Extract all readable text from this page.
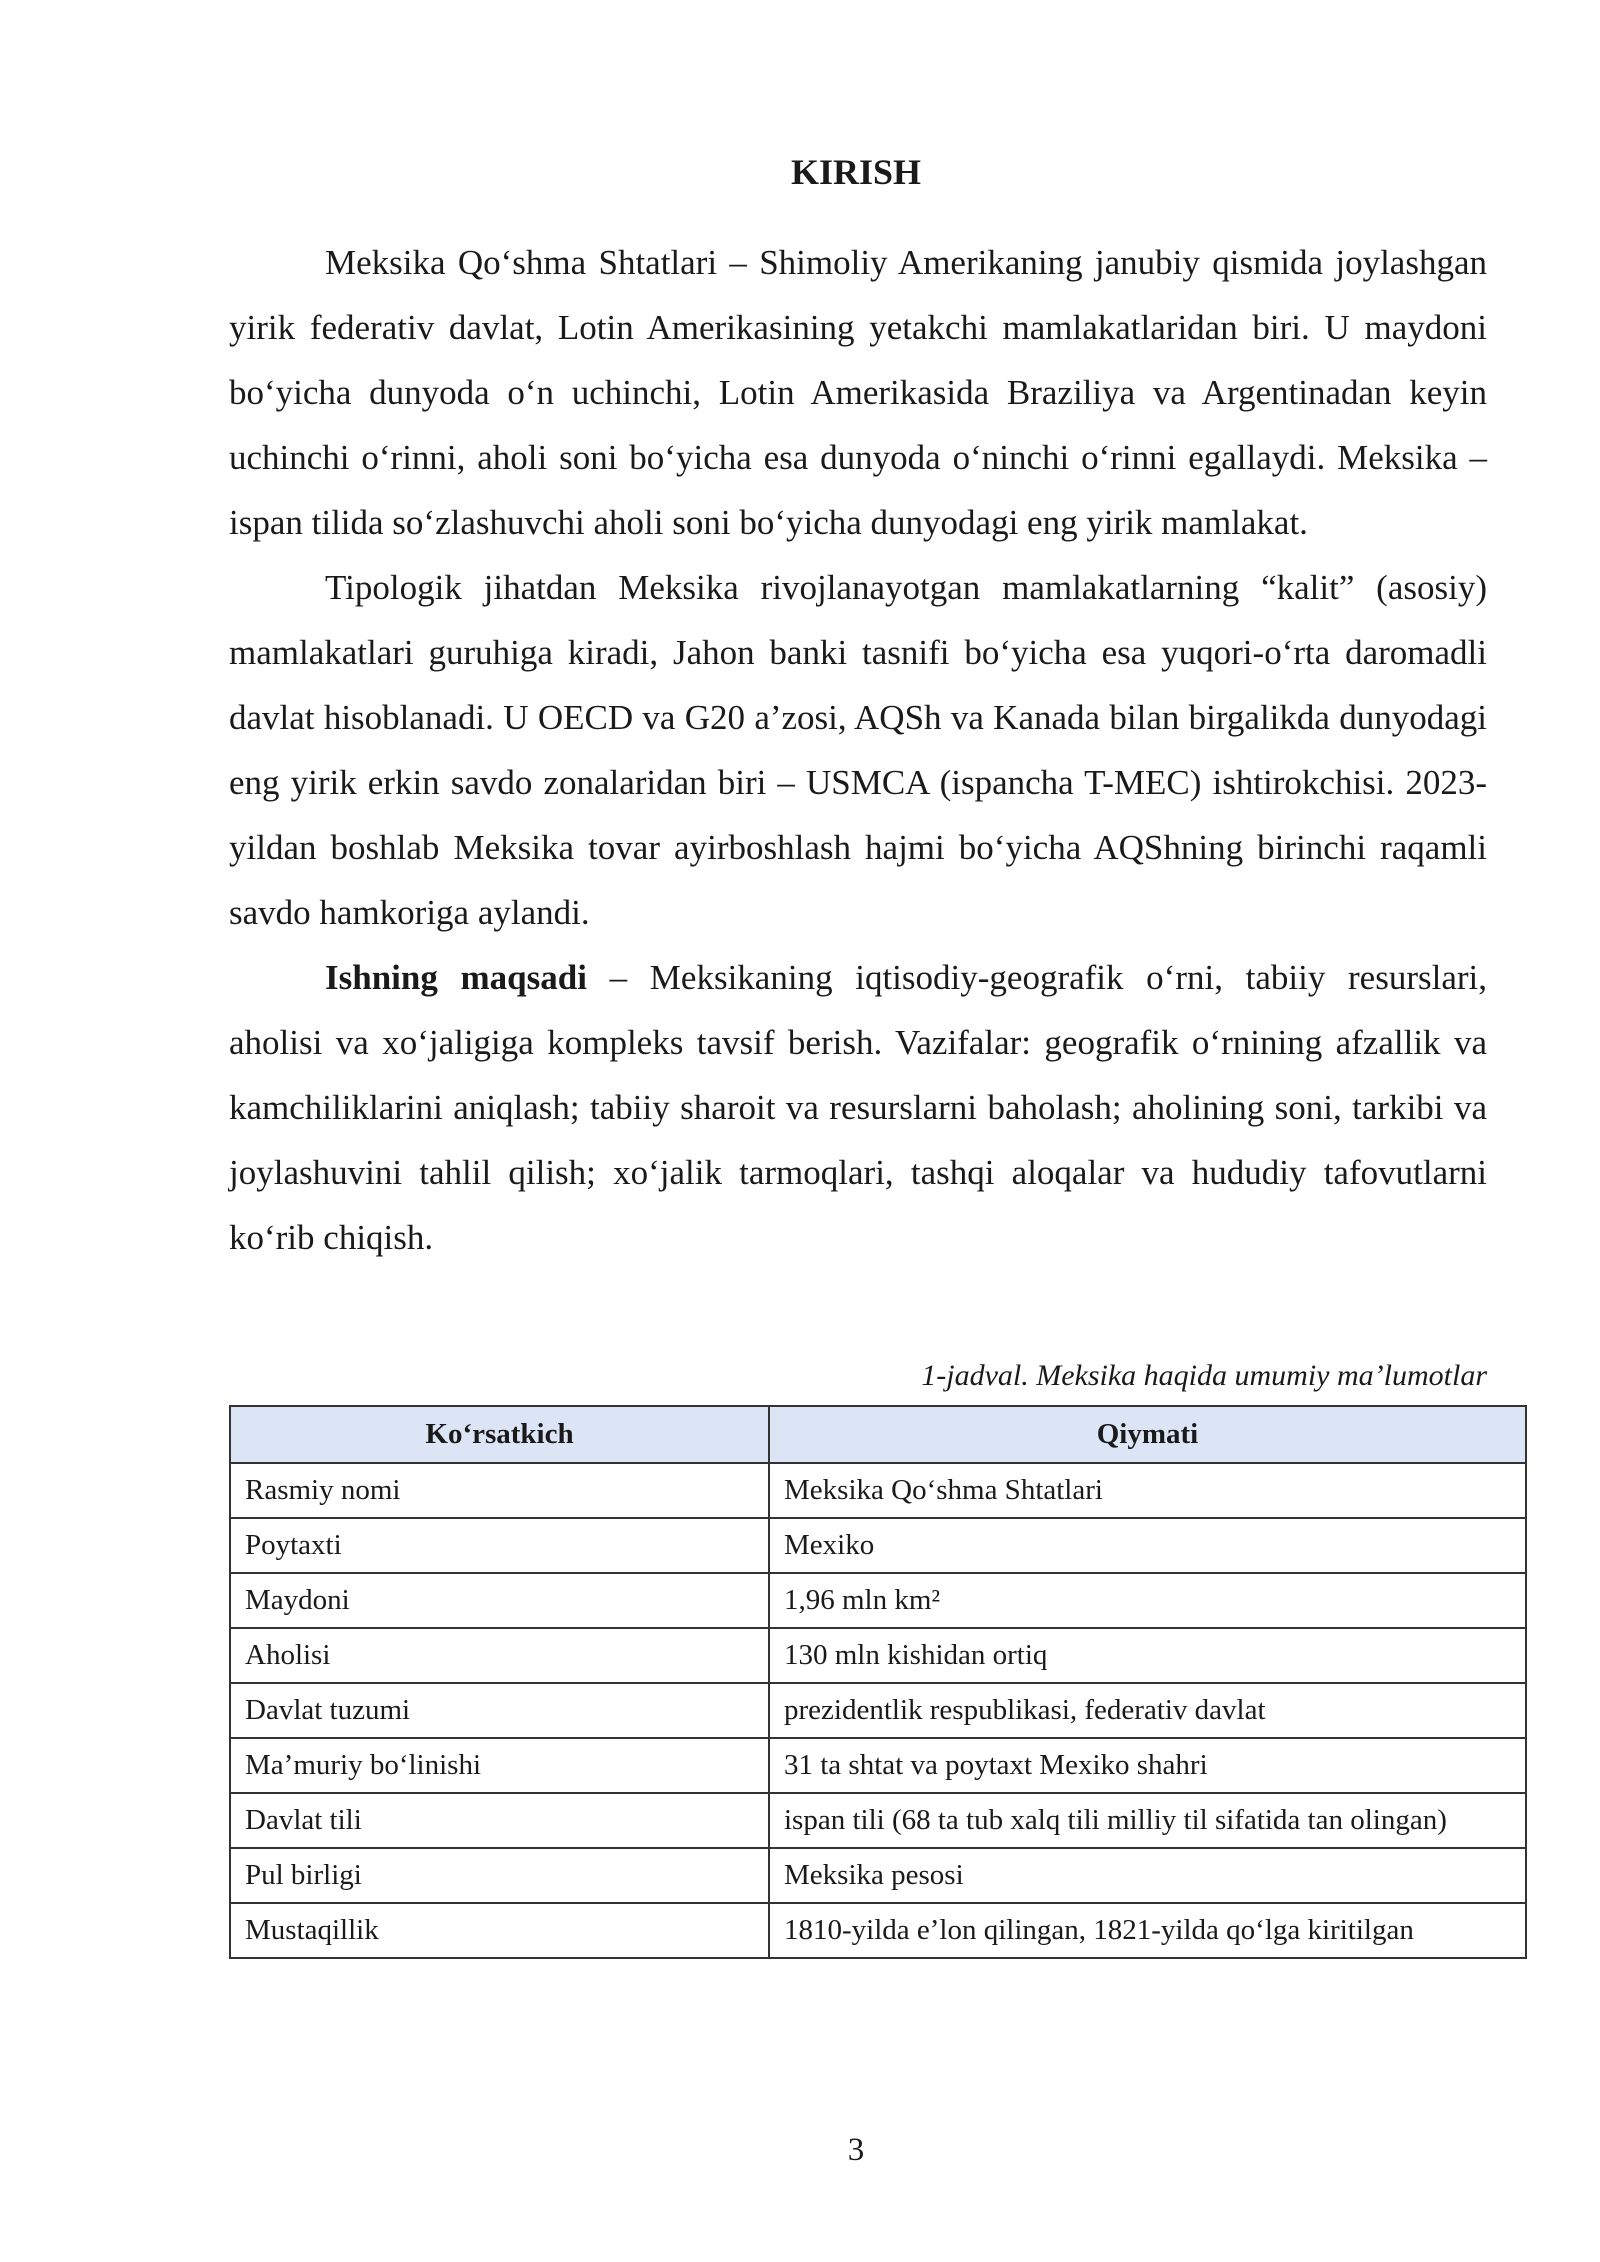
KIRISH

Meksika Qo‘shma Shtatlari – Shimoliy Amerikaning janubiy qismida joylashgan yirik federativ davlat, Lotin Amerikasining yetakchi mamlakatlaridan biri. U maydoni bo‘yicha dunyoda o‘n uchinchi, Lotin Amerikasida Braziliya va Argentinadan keyin uchinchi o‘rinni, aholi soni bo‘yicha esa dunyoda o‘ninchi o‘rinni egallaydi. Meksika – ispan tilida so‘zlashuvchi aholi soni bo‘yicha dunyodagi eng yirik mamlakat.

Tipologik jihatdan Meksika rivojlanayotgan mamlakatlarning “kalit” (asosiy) mamlakatlari guruhiga kiradi, Jahon banki tasnifi bo‘yicha esa yuqori-o‘rta daromadli davlat hisoblanadi. U OECD va G20 a’zosi, AQSh va Kanada bilan birgalikda dunyodagi eng yirik erkin savdo zonalaridan biri – USMCA (ispancha T-MEC) ishtirokchisi. 2023-yildan boshlab Meksika tovar ayirboshlash hajmi bo‘yicha AQShning birinchi raqamli savdo hamkoriga aylandi.

Ishning maqsadi – Meksikaning iqtisodiy-geografik o‘rni, tabiiy resurslari, aholisi va xo‘jaligiga kompleks tavsif berish. Vazifalar: geografik o‘rnining afzallik va kamchiliklarini aniqlash; tabiiy sharoit va resurslarni baholash; aholining soni, tarkibi va joylashuvini tahlil qilish; xo‘jalik tarmoqlari, tashqi aloqalar va hududiy tafovutlarni ko‘rib chiqish.

1-jadval. Meksika haqida umumiy ma’lumotlar
Ko‘rsatkich	Qiymati
Rasmiy nomi	Meksika Qo‘shma Shtatlari
Poytaxti	Mexiko
Maydoni	1,96 mln km²
Aholisi	130 mln kishidan ortiq
Davlat tuzumi	prezidentlik respublikasi, federativ davlat
Ma’muriy bo‘linishi	31 ta shtat va poytaxt Mexiko shahri
Davlat tili	ispan tili (68 ta tub xalq tili milliy til sifatida tan olingan)
Pul birligi	Meksika pesosi
Mustaqillik	1810-yilda e’lon qilingan, 1821-yilda qo‘lga kiritilgan
3
